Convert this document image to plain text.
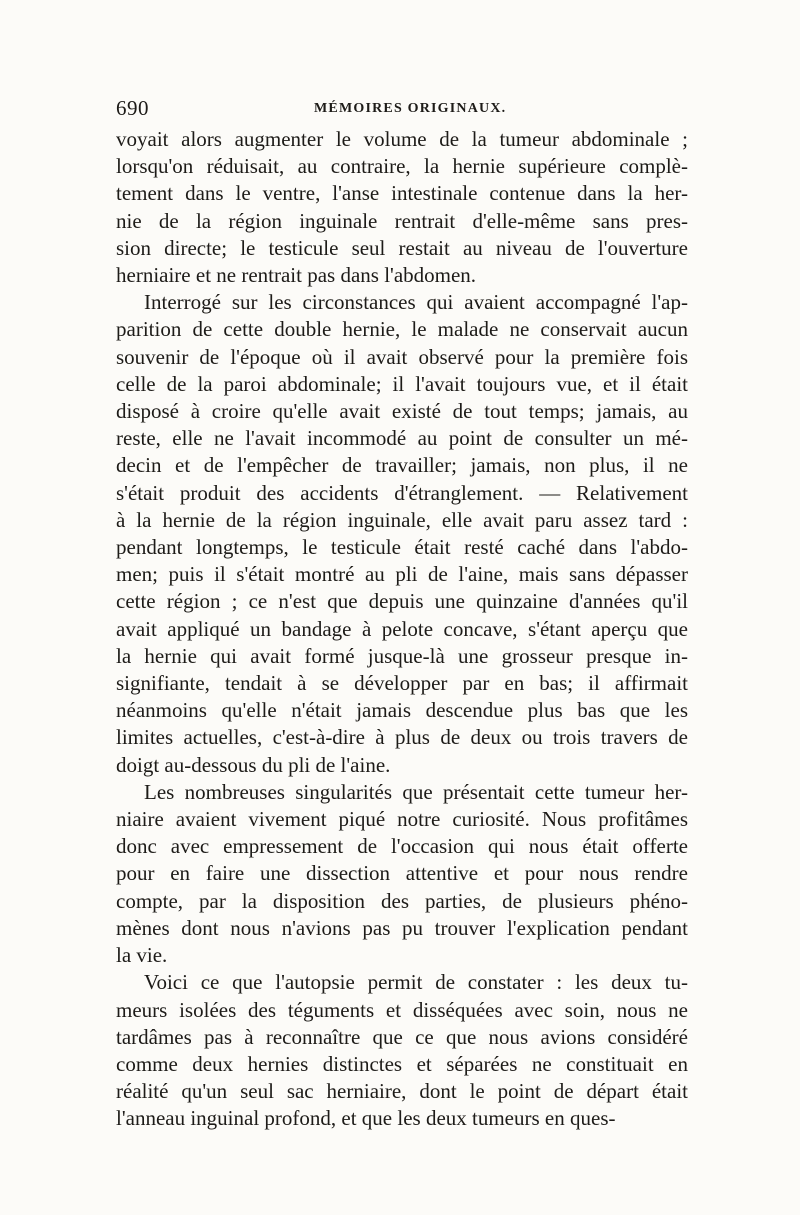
690	MÉMOIRES ORIGINAUX.
voyait alors augmenter le volume de la tumeur abdominale ;
lorsqu'on réduisait, au contraire, la hernie supérieure complè-
tement dans le ventre, l'anse intestinale contenue dans la her-
nie de la région inguinale rentrait d'elle-même sans pres-
sion directe; le testicule seul restait au niveau de l'ouverture
herniaire et ne rentrait pas dans l'abdomen.
Interrogé sur les circonstances qui avaient accompagné l'ap-
parition de cette double hernie, le malade ne conservait aucun
souvenir de l'époque où il avait observé pour la première fois
celle de la paroi abdominale; il l'avait toujours vue, et il était
disposé à croire qu'elle avait existé de tout temps; jamais, au
reste, elle ne l'avait incommodé au point de consulter un mé-
decin et de l'empêcher de travailler; jamais, non plus, il ne
s'était produit des accidents d'étranglement. — Relativement
à la hernie de la région inguinale, elle avait paru assez tard :
pendant longtemps, le testicule était resté caché dans l'abdo-
men; puis il s'était montré au pli de l'aine, mais sans dépasser
cette région ; ce n'est que depuis une quinzaine d'années qu'il
avait appliqué un bandage à pelote concave, s'étant aperçu que
la hernie qui avait formé jusque-là une grosseur presque in-
signifiante, tendait à se développer par en bas; il affirmait
néanmoins qu'elle n'était jamais descendue plus bas que les
limites actuelles, c'est-à-dire à plus de deux ou trois travers de
doigt au-dessous du pli de l'aine.
Les nombreuses singularités que présentait cette tumeur her-
niaire avaient vivement piqué notre curiosité. Nous profitâmes
donc avec empressement de l'occasion qui nous était offerte
pour en faire une dissection attentive et pour nous rendre
compte, par la disposition des parties, de plusieurs phéno-
mènes dont nous n'avions pas pu trouver l'explication pendant
la vie.
Voici ce que l'autopsie permit de constater : les deux tu-
meurs isolées des téguments et disséquées avec soin, nous ne
tardâmes pas à reconnaître que ce que nous avions considéré
comme deux hernies distinctes et séparées ne constituait en
réalité qu'un seul sac herniaire, dont le point de départ était
l'anneau inguinal profond, et que les deux tumeurs en ques-
